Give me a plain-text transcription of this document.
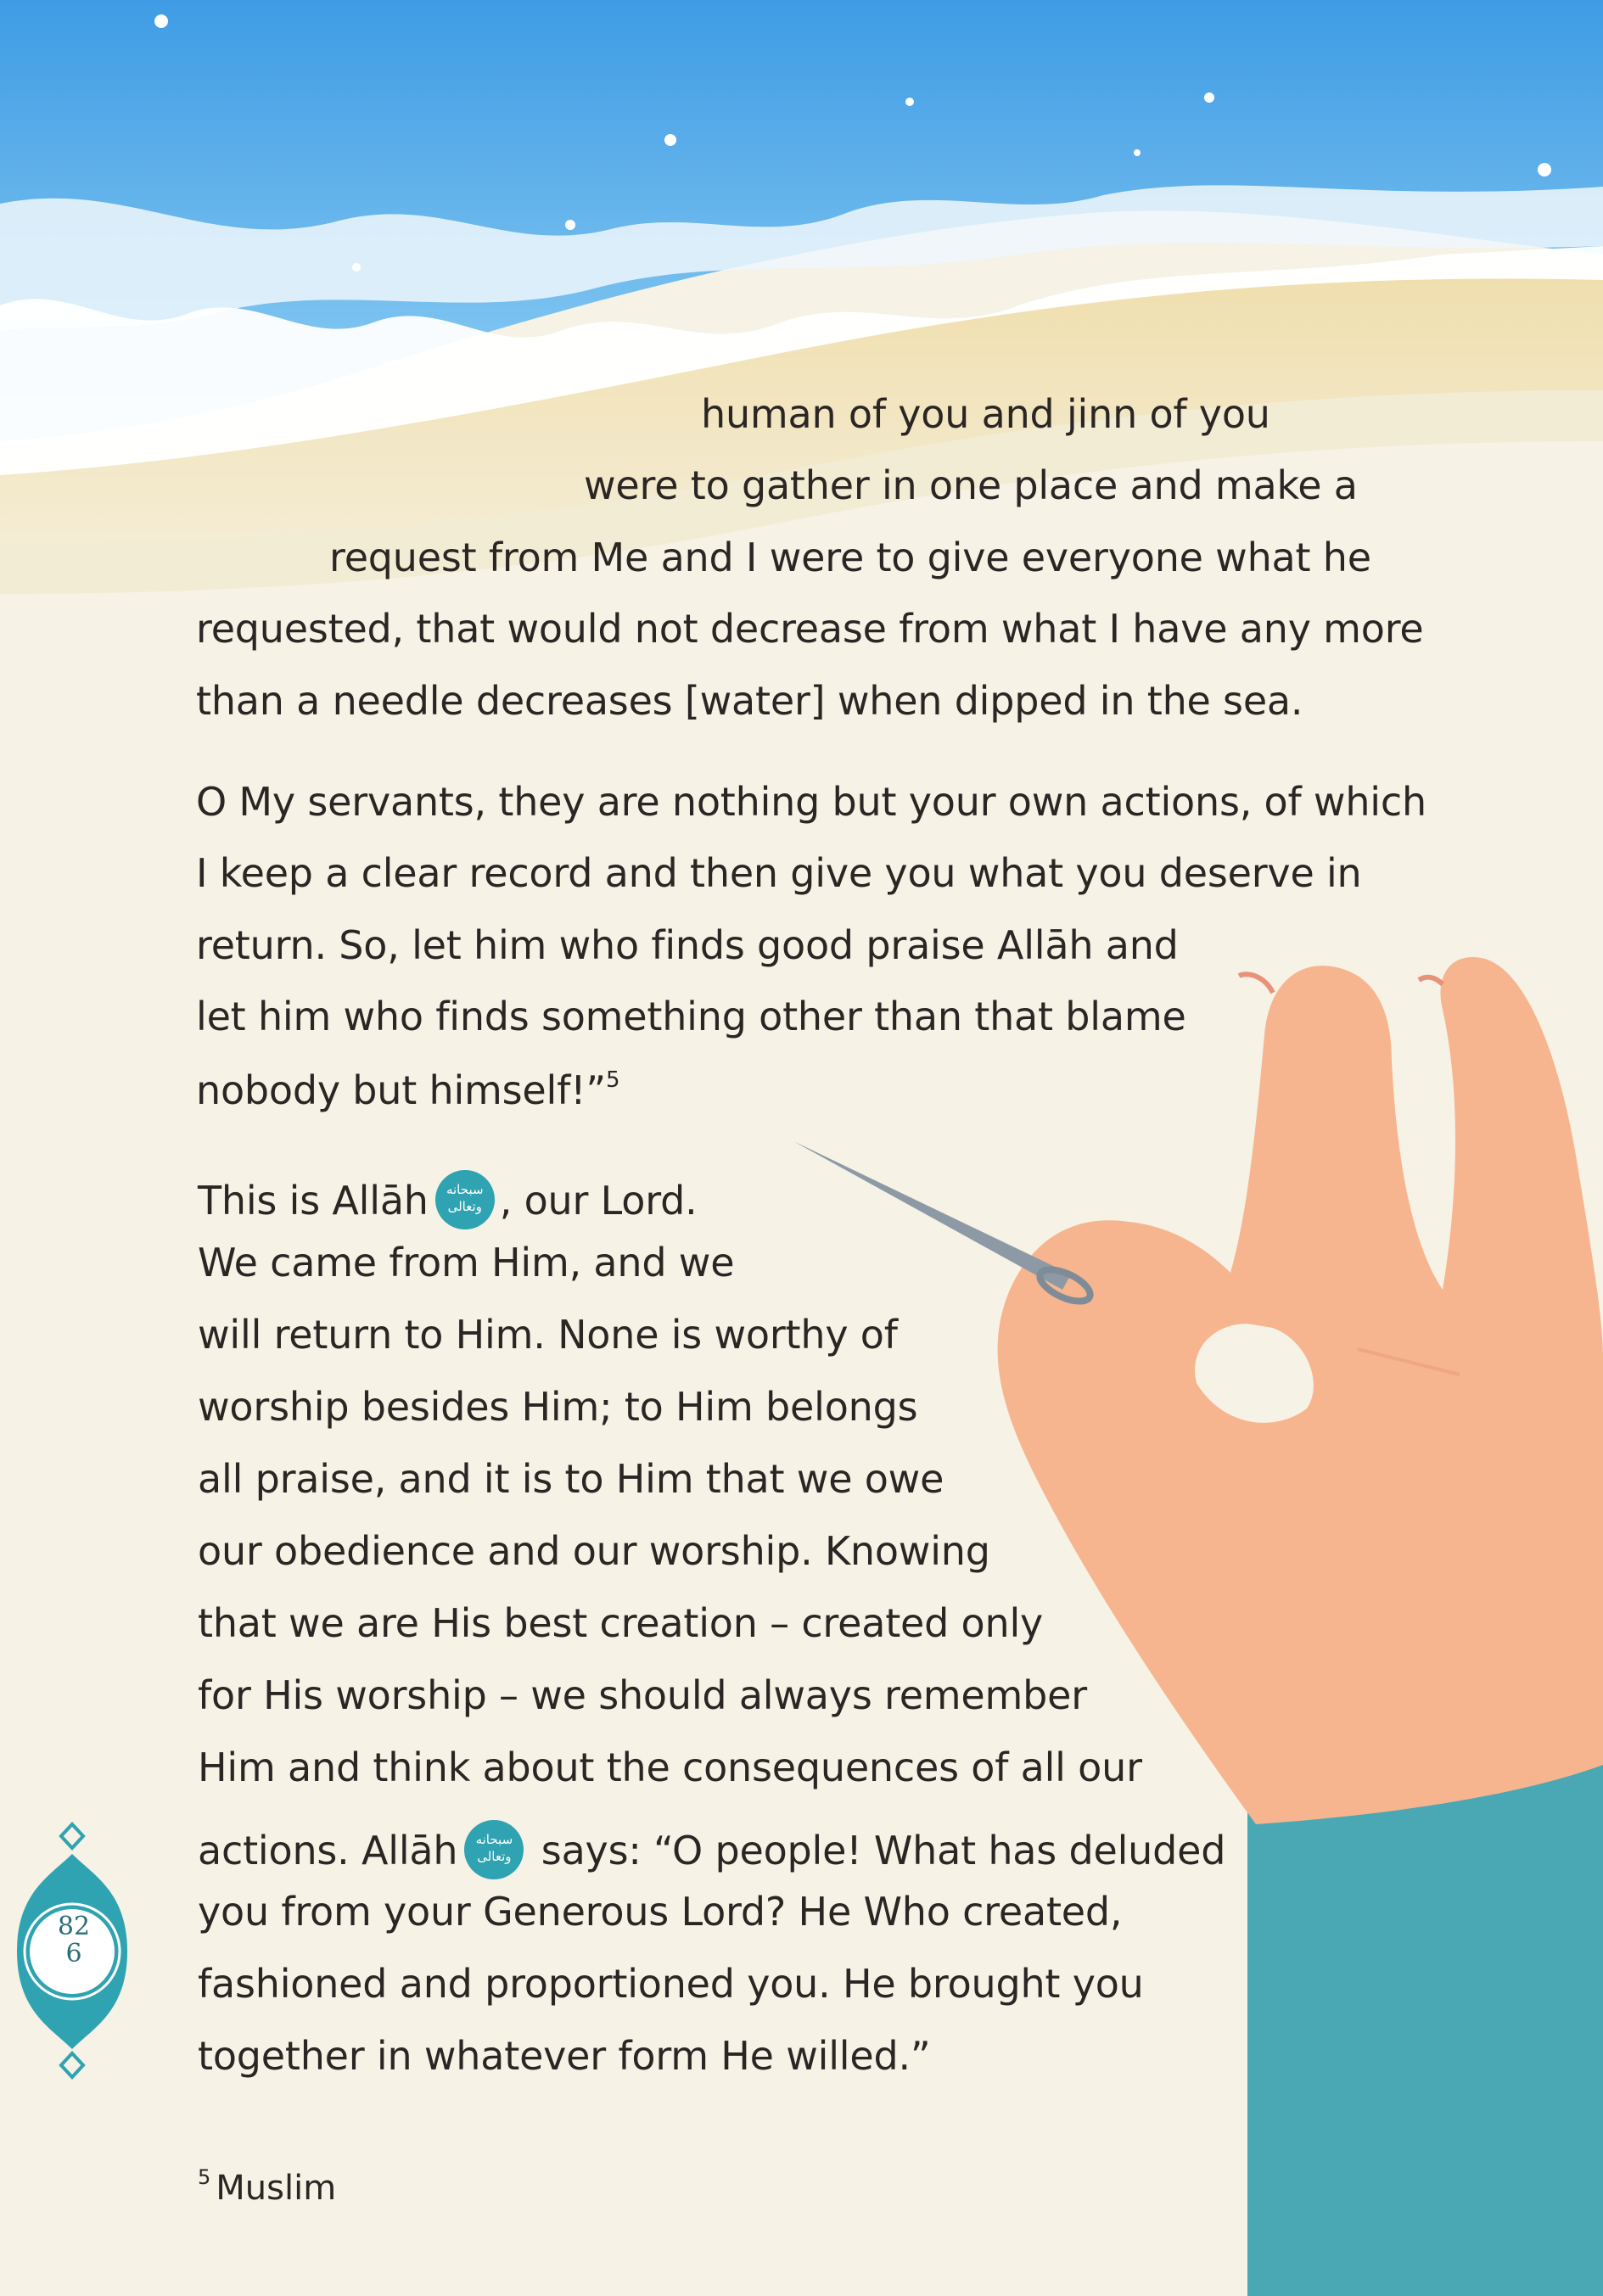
human of you and jinn of you
were to gather in one place and make a
request from Me and I were to give everyone what he
requested, that would not decrease from what I have any more
than a needle decreases [water] when dipped in the sea.
O My servants, they are nothing but your own actions, of which
I keep a clear record and then give you what you deserve in
return. So, let him who finds good praise Allāh and
let him who finds something other than that blame
nobody but himself!”$^5$
This is Allāh	سبحانه
وتعالى , our Lord.
We came from Him, and we
will return to Him. None is worthy of
worship besides Him; to Him belongs
all praise, and it is to Him that we owe
our obedience and our worship. Knowing
that we are His best creation – created only
for His worship – we should always remember
Him and think about the consequences of all our
actions. Allāh	سبحانه
وتعالى says: “O people! What has deluded
you from your Generous Lord? He Who created,
fashioned and proportioned you. He brought you
together in whatever form He willed.”
$^5$ Muslim
82
6
